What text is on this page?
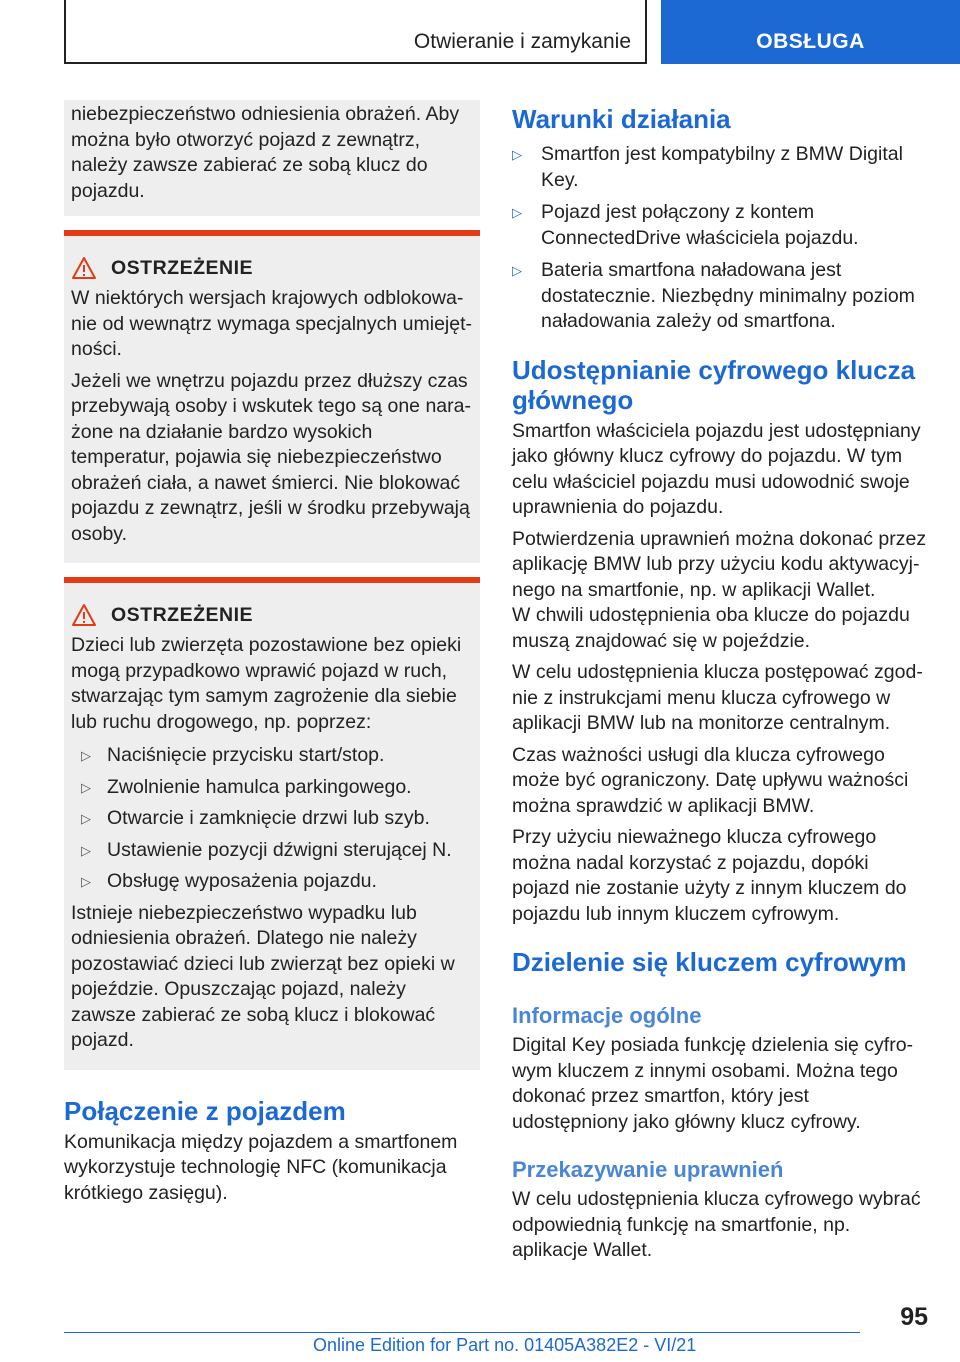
Otwieranie i zamykanie	OBSŁUGA

niebezpieczeństwo odniesienia obrażeń. Aby można było otworzyć pojazd z zewnątrz, należy zawsze zabierać ze sobą klucz do pojazdu.

OSTRZEŻENIE

W niektórych wersjach krajowych odblokowanie od wewnątrz wymaga specjalnych umiejętności.

Jeżeli we wnętrzu pojazdu przez dłuższy czas przebywają osoby i wskutek tego są one narażone na działanie bardzo wysokich temperatur, pojawia się niebezpieczeństwo obrażeń ciała, a nawet śmierci. Nie blokować pojazdu z zewnątrz, jeśli w środku przebywają osoby.

OSTRZEŻENIE

Dzieci lub zwierzęta pozostawione bez opieki mogą przypadkowo wprawić pojazd w ruch, stwarzając tym samym zagrożenie dla siebie lub ruchu drogowego, np. poprzez:

▷ Naciśnięcie przycisku start/stop.
▷ Zwolnienie hamulca parkingowego.
▷ Otwarcie i zamknięcie drzwi lub szyb.
▷ Ustawienie pozycji dźwigni sterującej N.
▷ Obsługę wyposażenia pojazdu.

Istnieje niebezpieczeństwo wypadku lub odniesienia obrażeń. Dlatego nie należy pozostawiać dzieci lub zwierząt bez opieki w pojeździe. Opuszczając pojazd, należy zawsze zabierać ze sobą klucz i blokować pojazd.

Połączenie z pojazdem

Komunikacja między pojazdem a smartfonem wykorzystuje technologię NFC (komunikacja krótkiego zasięgu).

Warunki działania
▷ Smartfon jest kompatybilny z BMW Digital Key.
▷ Pojazd jest połączony z kontem ConnectedDrive właściciela pojazdu.
▷ Bateria smartfona naładowana jest dostatecznie. Niezbędny minimalny poziom naładowania zależy od smartfona.
Udostępnianie cyfrowego klucza głównego

Smartfon właściciela pojazdu jest udostępniany jako główny klucz cyfrowy do pojazdu. W tym celu właściciel pojazdu musi udowodnić swoje uprawnienia do pojazdu.

Potwierdzenia uprawnień można dokonać przez aplikację BMW lub przy użyciu kodu aktywacyjnego na smartfonie, np. w aplikacji Wallet.

W chwili udostępnienia oba klucze do pojazdu muszą znajdować się w pojeździe.

W celu udostępnienia klucza postępować zgodnie z instrukcjami menu klucza cyfrowego w aplikacji BMW lub na monitorze centralnym.

Czas ważności usługi dla klucza cyfrowego może być ograniczony. Datę upływu ważności można sprawdzić w aplikacji BMW.

Przy użyciu nieważnego klucza cyfrowego można nadal korzystać z pojazdu, dopóki pojazd nie zostanie użyty z innym kluczem do pojazdu lub innym kluczem cyfrowym.

Dzielenie się kluczem cyfrowym
Informacje ogólne

Digital Key posiada funkcję dzielenia się cyfrowym kluczem z innymi osobami. Można tego dokonać przez smartfon, który jest udostępniony jako główny klucz cyfrowy.

Przekazywanie uprawnień

W celu udostępnienia klucza cyfrowego wybrać odpowiednią funkcję na smartfonie, np. aplikacje Wallet.

95
Online Edition for Part no. 01405A382E2 - VI/21
